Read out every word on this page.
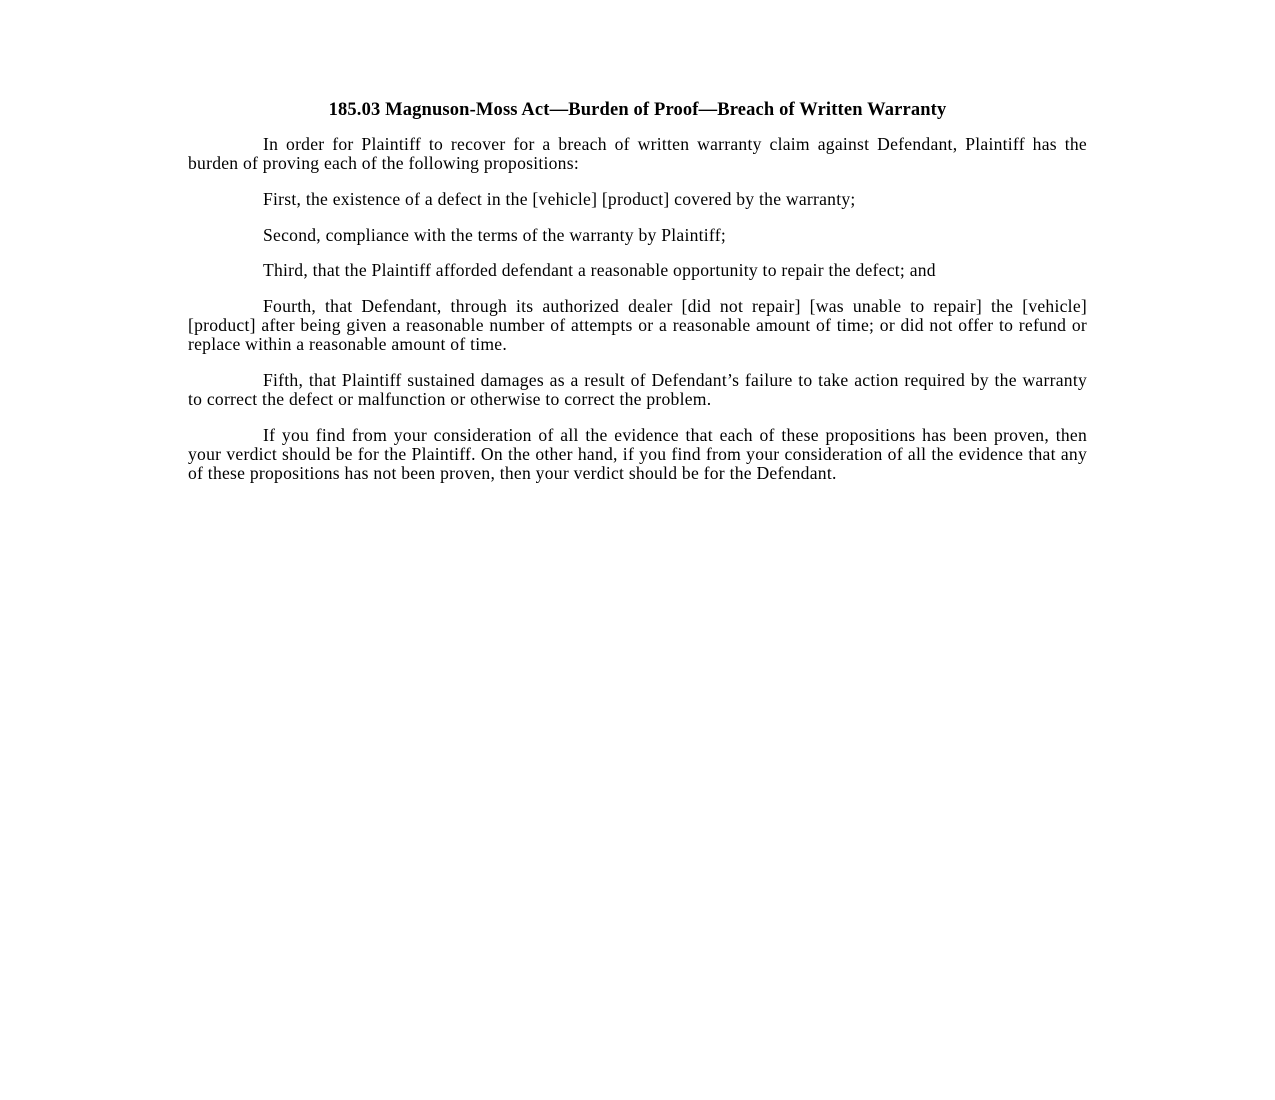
185.03 Magnuson-Moss Act—Burden of Proof—Breach of Written Warranty

In order for Plaintiff to recover for a breach of written warranty claim against Defendant, Plaintiff has the burden of proving each of the following propositions:

First, the existence of a defect in the [vehicle] [product] covered by the warranty;

Second, compliance with the terms of the warranty by Plaintiff;

Third, that the Plaintiff afforded defendant a reasonable opportunity to repair the defect; and

Fourth, that Defendant, through its authorized dealer [did not repair] [was unable to repair] the [vehicle] [product] after being given a reasonable number of attempts or a reasonable amount of time; or did not offer to refund or replace within a reasonable amount of time.

Fifth, that Plaintiff sustained damages as a result of Defendant’s failure to take action required by the warranty to correct the defect or malfunction or otherwise to correct the problem.

If you find from your consideration of all the evidence that each of these propositions has been proven, then your verdict should be for the Plaintiff. On the other hand, if you find from your consideration of all the evidence that any of these propositions has not been proven, then your verdict should be for the Defendant.
